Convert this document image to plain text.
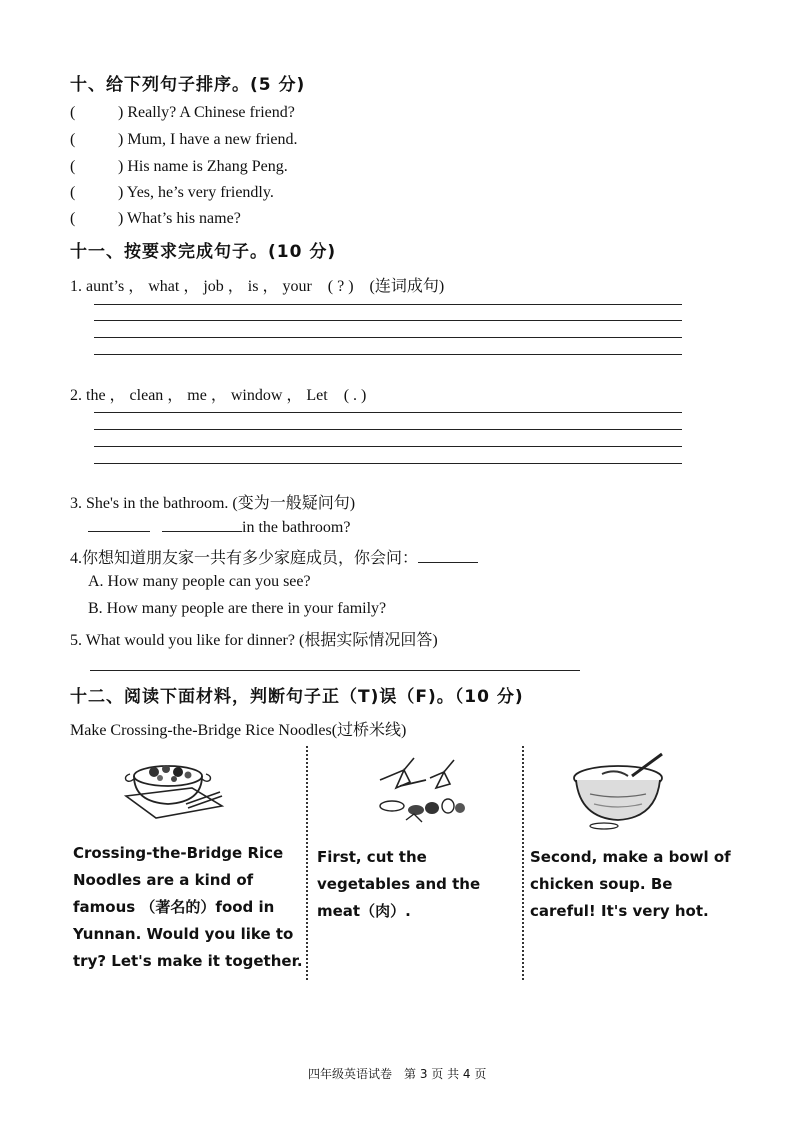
十、给下列句子排序。(5 分)
(	) Really? A Chinese friend?
(	) Mum, I have a new friend.
(	) His name is Zhang Peng.
(	) Yes, he’s very friendly.
(	) What’s his name?
十一、按要求完成句子。(10 分)
1. aunt’s ， what ， job ， is ， your　( ? )　(连词成句)
2. the ， clean ， me ， window ， Let　( . )
3. She's in the bathroom. (变为一般疑问句)
in the bathroom?
4.你想知道朋友家一共有多少家庭成员，你会问：
A. How many people can you see?
B. How many people are there in your family?
5. What would you like for dinner? (根据实际情况回答)
十二、阅读下面材料，判断句子正（T)误（F)。（10 分)
Make Crossing-the-Bridge Rice Noodles(过桥米线)
Crossing-the-Bridge Rice Noodles are a kind of famous （著名的）food in Yunnan. Would you like to try? Let's make it together.
First, cut the vegetables and the meat（肉）.
Second, make a bowl of chicken soup. Be careful! It's very hot.
四年级英语试卷　第 3 页 共 4 页
